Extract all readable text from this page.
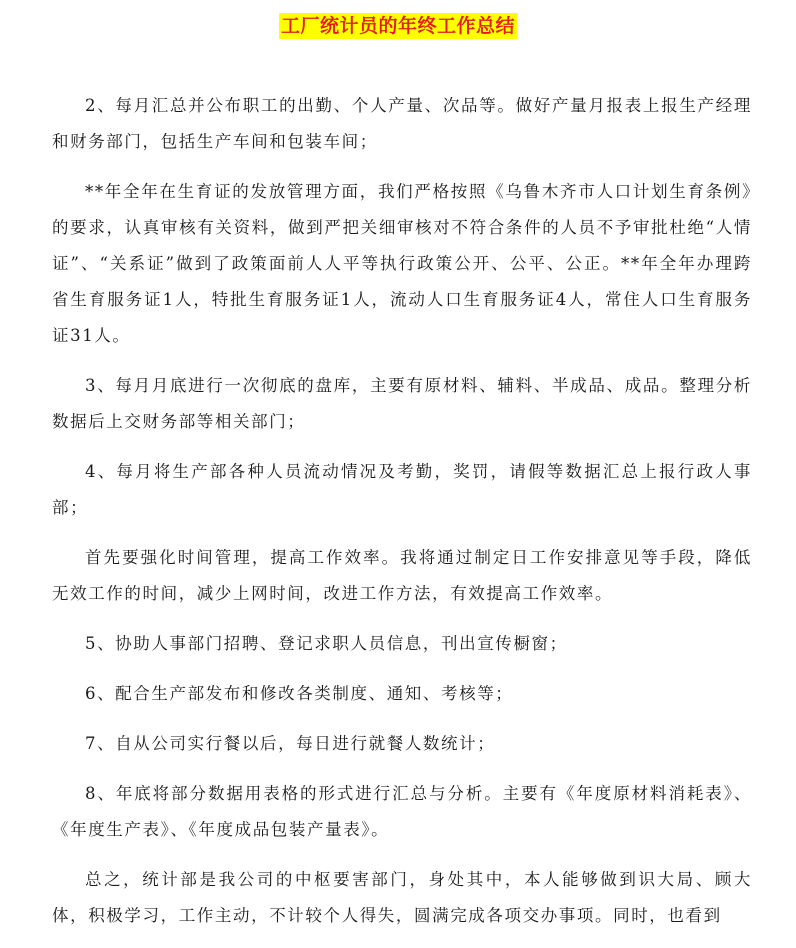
工厂统计员的年终工作总结

2、每月汇总并公布职工的出勤、个人产量、次品等。做好产量月报表上报生产经理和财务部门，包括生产车间和包装车间；

**年全年在生育证的发放管理方面，我们严格按照《乌鲁木齐市人口计划生育条例》的要求，认真审核有关资料，做到严把关细审核对不符合条件的人员不予审批杜绝“人情证”、“关系证”做到了政策面前人人平等执行政策公开、公平、公正。**年全年办理跨省生育服务证1人，特批生育服务证1人，流动人口生育服务证4人，常住人口生育服务证31人。

3、每月月底进行一次彻底的盘库，主要有原材料、辅料、半成品、成品。整理分析数据后上交财务部等相关部门；

4、每月将生产部各种人员流动情况及考勤，奖罚，请假等数据汇总上报行政人事部；

首先要强化时间管理，提高工作效率。我将通过制定日工作安排意见等手段，降低无效工作的时间，减少上网时间，改进工作方法，有效提高工作效率。

5、协助人事部门招聘、登记求职人员信息，刊出宣传橱窗；

6、配合生产部发布和修改各类制度、通知、考核等；

7、自从公司实行餐以后，每日进行就餐人数统计；

8、年底将部分数据用表格的形式进行汇总与分析。主要有《年度原材料消耗表》、《年度生产表》、《年度成品包装产量表》。

总之，统计部是我公司的中枢要害部门，身处其中，本人能够做到识大局、顾大体，积极学习，工作主动，不计较个人得失，圆满完成各项交办事项。同时，也看到
